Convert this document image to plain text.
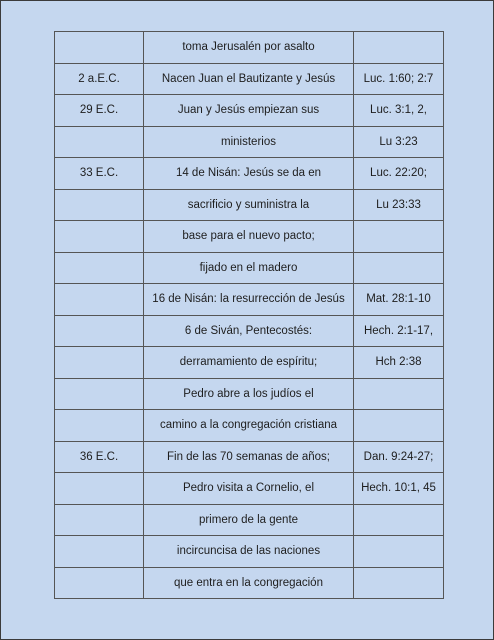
	toma Jerusalén por asalto	
2 a.E.C.	Nacen Juan el Bautizante y Jesús	Luc. 1:60; 2:7
29 E.C.	Juan y Jesús empiezan sus	Luc. 3:1, 2,
	ministerios	Lu 3:23
33 E.C.	14 de Nisán: Jesús se da en	Luc. 22:20;
	sacrificio y suministra la	Lu 23:33
	base para el nuevo pacto;	
	fijado en el madero	
	16 de Nisán: la resurrección de Jesús	Mat. 28:1-10
	6 de Siván, Pentecostés:	Hech. 2:1-17,
	derramamiento de espíritu;	Hch 2:38
	Pedro abre a los judíos el	
	camino a la congregación cristiana	
36 E.C.	Fin de las 70 semanas de años;	Dan. 9:24-27;
	Pedro visita a Cornelio, el	Hech. 10:1, 45
	primero de la gente	
	incircuncisa de las naciones	
	que entra en la congregación	
